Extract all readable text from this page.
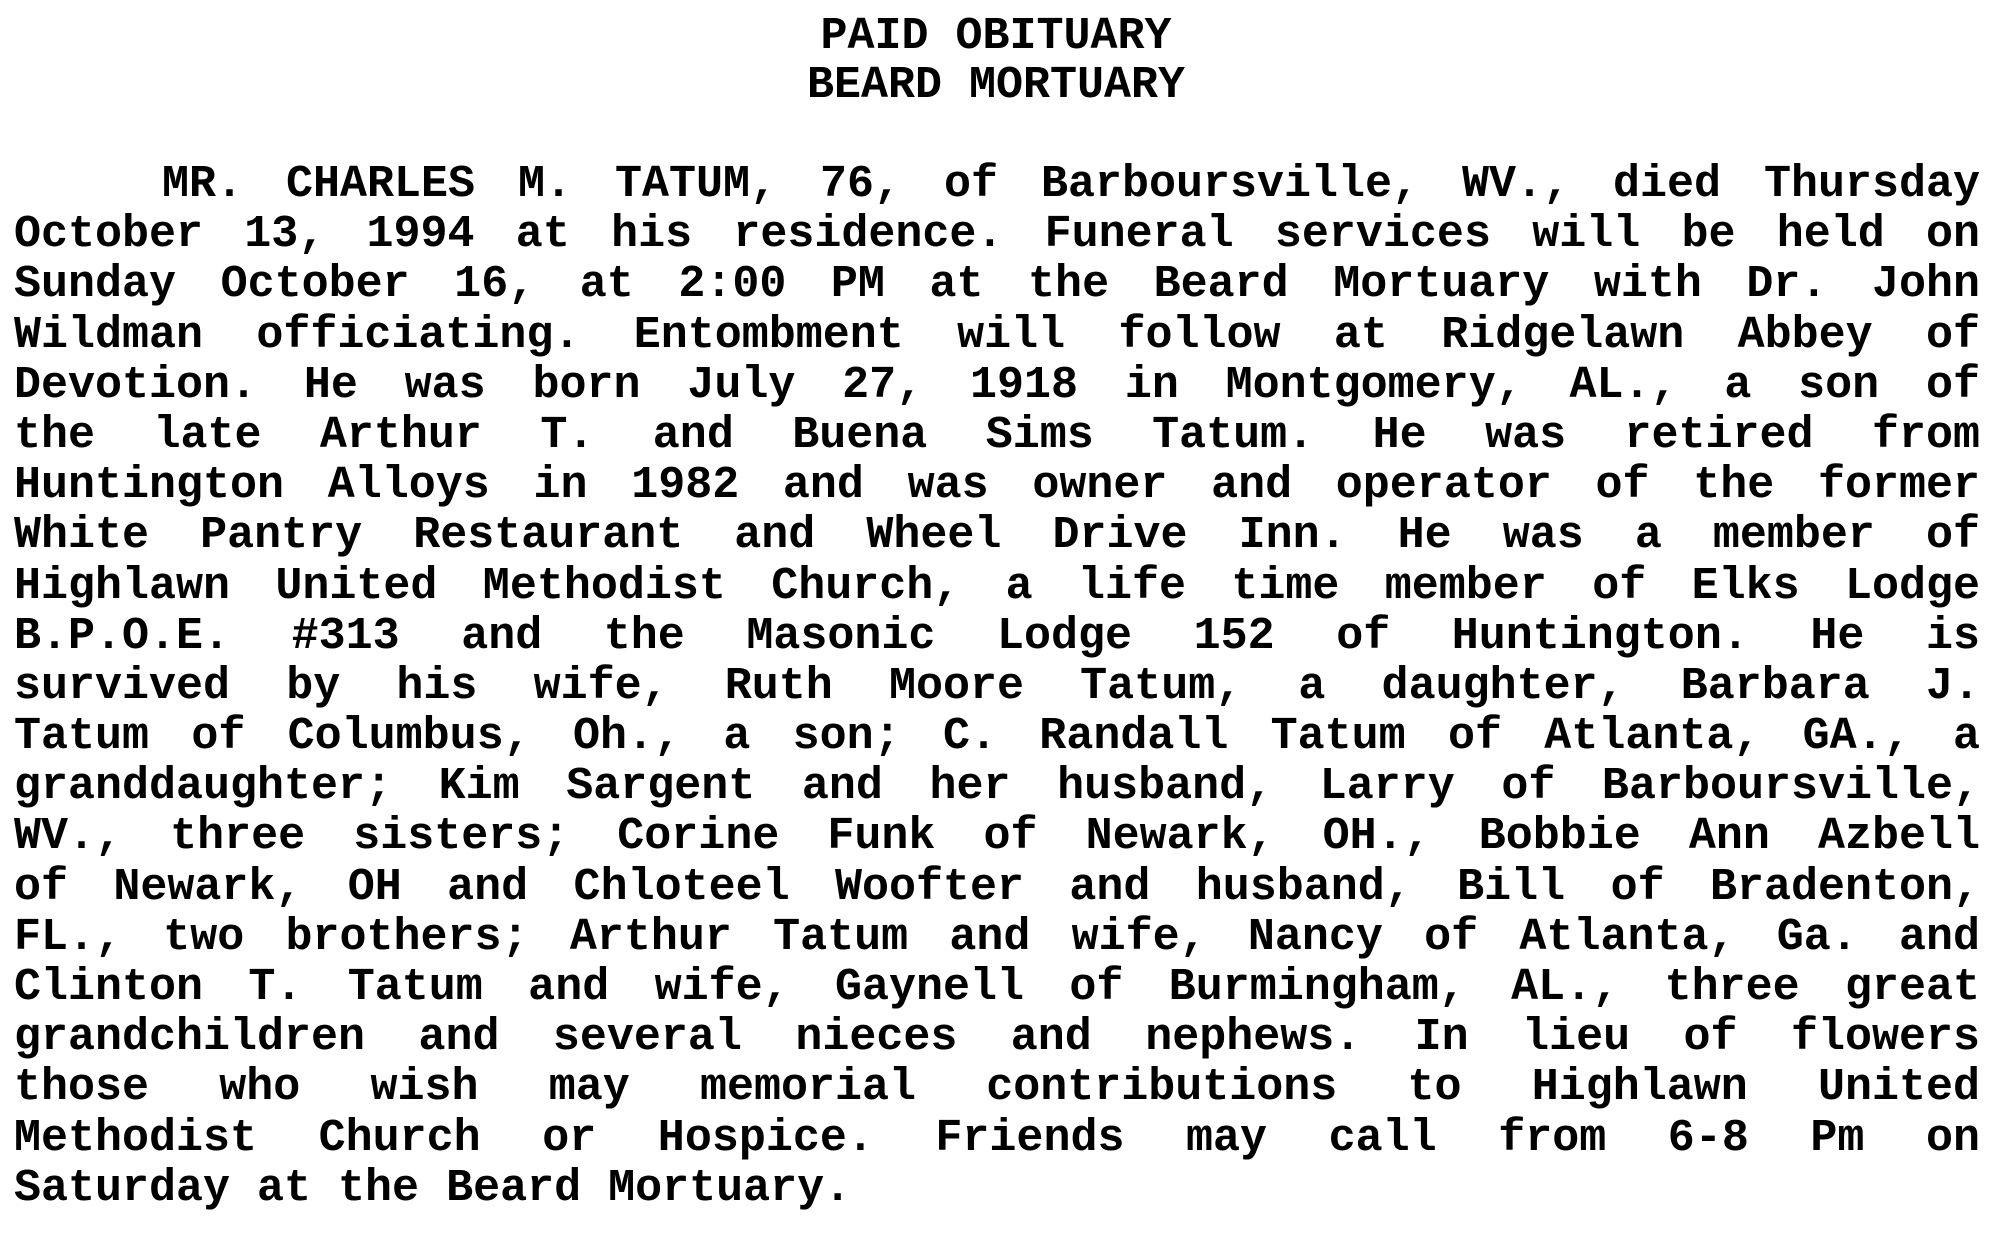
PAID OBITUARY
BEARD MORTUARY
MR. CHARLES M. TATUM, 76, of Barboursville, WV., died Thursday
October 13, 1994 at his residence. Funeral services will be held on
Sunday October 16, at 2:00 PM at the Beard Mortuary with Dr. John
Wildman officiating. Entombment will follow at Ridgelawn Abbey of
Devotion. He was born July 27, 1918 in Montgomery, AL., a son of
the late Arthur T. and Buena Sims Tatum. He was retired from
Huntington Alloys in 1982 and was owner and operator of the former
White Pantry Restaurant and Wheel Drive Inn. He was a member of
Highlawn United Methodist Church, a life time member of Elks Lodge
B.P.O.E. #313 and the Masonic Lodge 152 of Huntington. He is
survived by his wife, Ruth Moore Tatum, a daughter, Barbara J.
Tatum of Columbus, Oh., a son; C. Randall Tatum of Atlanta, GA., a
granddaughter; Kim Sargent and her husband, Larry of Barboursville,
WV., three sisters; Corine Funk of Newark, OH., Bobbie Ann Azbell
of Newark, OH and Chloteel Woofter and husband, Bill of Bradenton,
FL., two brothers; Arthur Tatum and wife, Nancy of Atlanta, Ga. and
Clinton T. Tatum and wife, Gaynell of Burmingham, AL., three great
grandchildren and several nieces and nephews. In lieu of flowers
those who wish may memorial contributions to Highlawn United
Methodist Church or Hospice. Friends may call from 6-8 Pm on
Saturday at the Beard Mortuary.
